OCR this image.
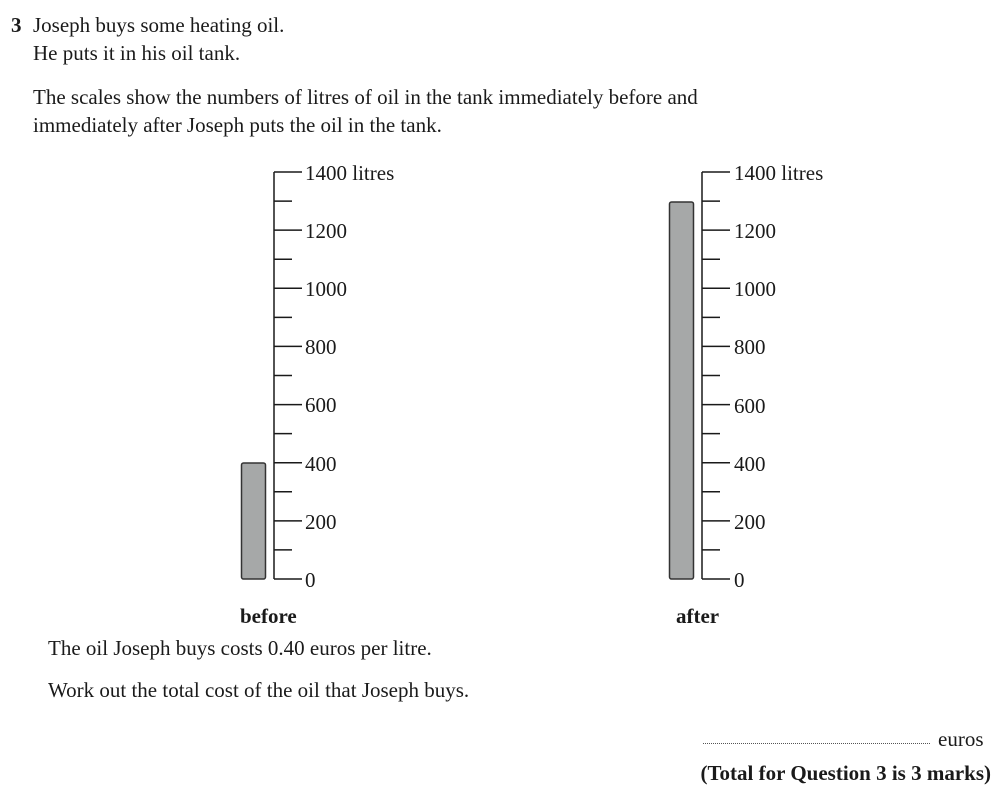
3 Joseph buys some heating oil.
He puts it in his oil tank.
The scales show the numbers of litres of oil in the tank immediately before and
immediately after Joseph puts the oil in the tank.
1400 litres
1200
1000
800
600
400
200
0
before
1400 litres
1200
1000
800
600
400
200
0
after
The oil Joseph buys costs 0.40 euros per litre.
Work out the total cost of the oil that Joseph buys.
euros
(Total for Question 3 is 3 marks)
